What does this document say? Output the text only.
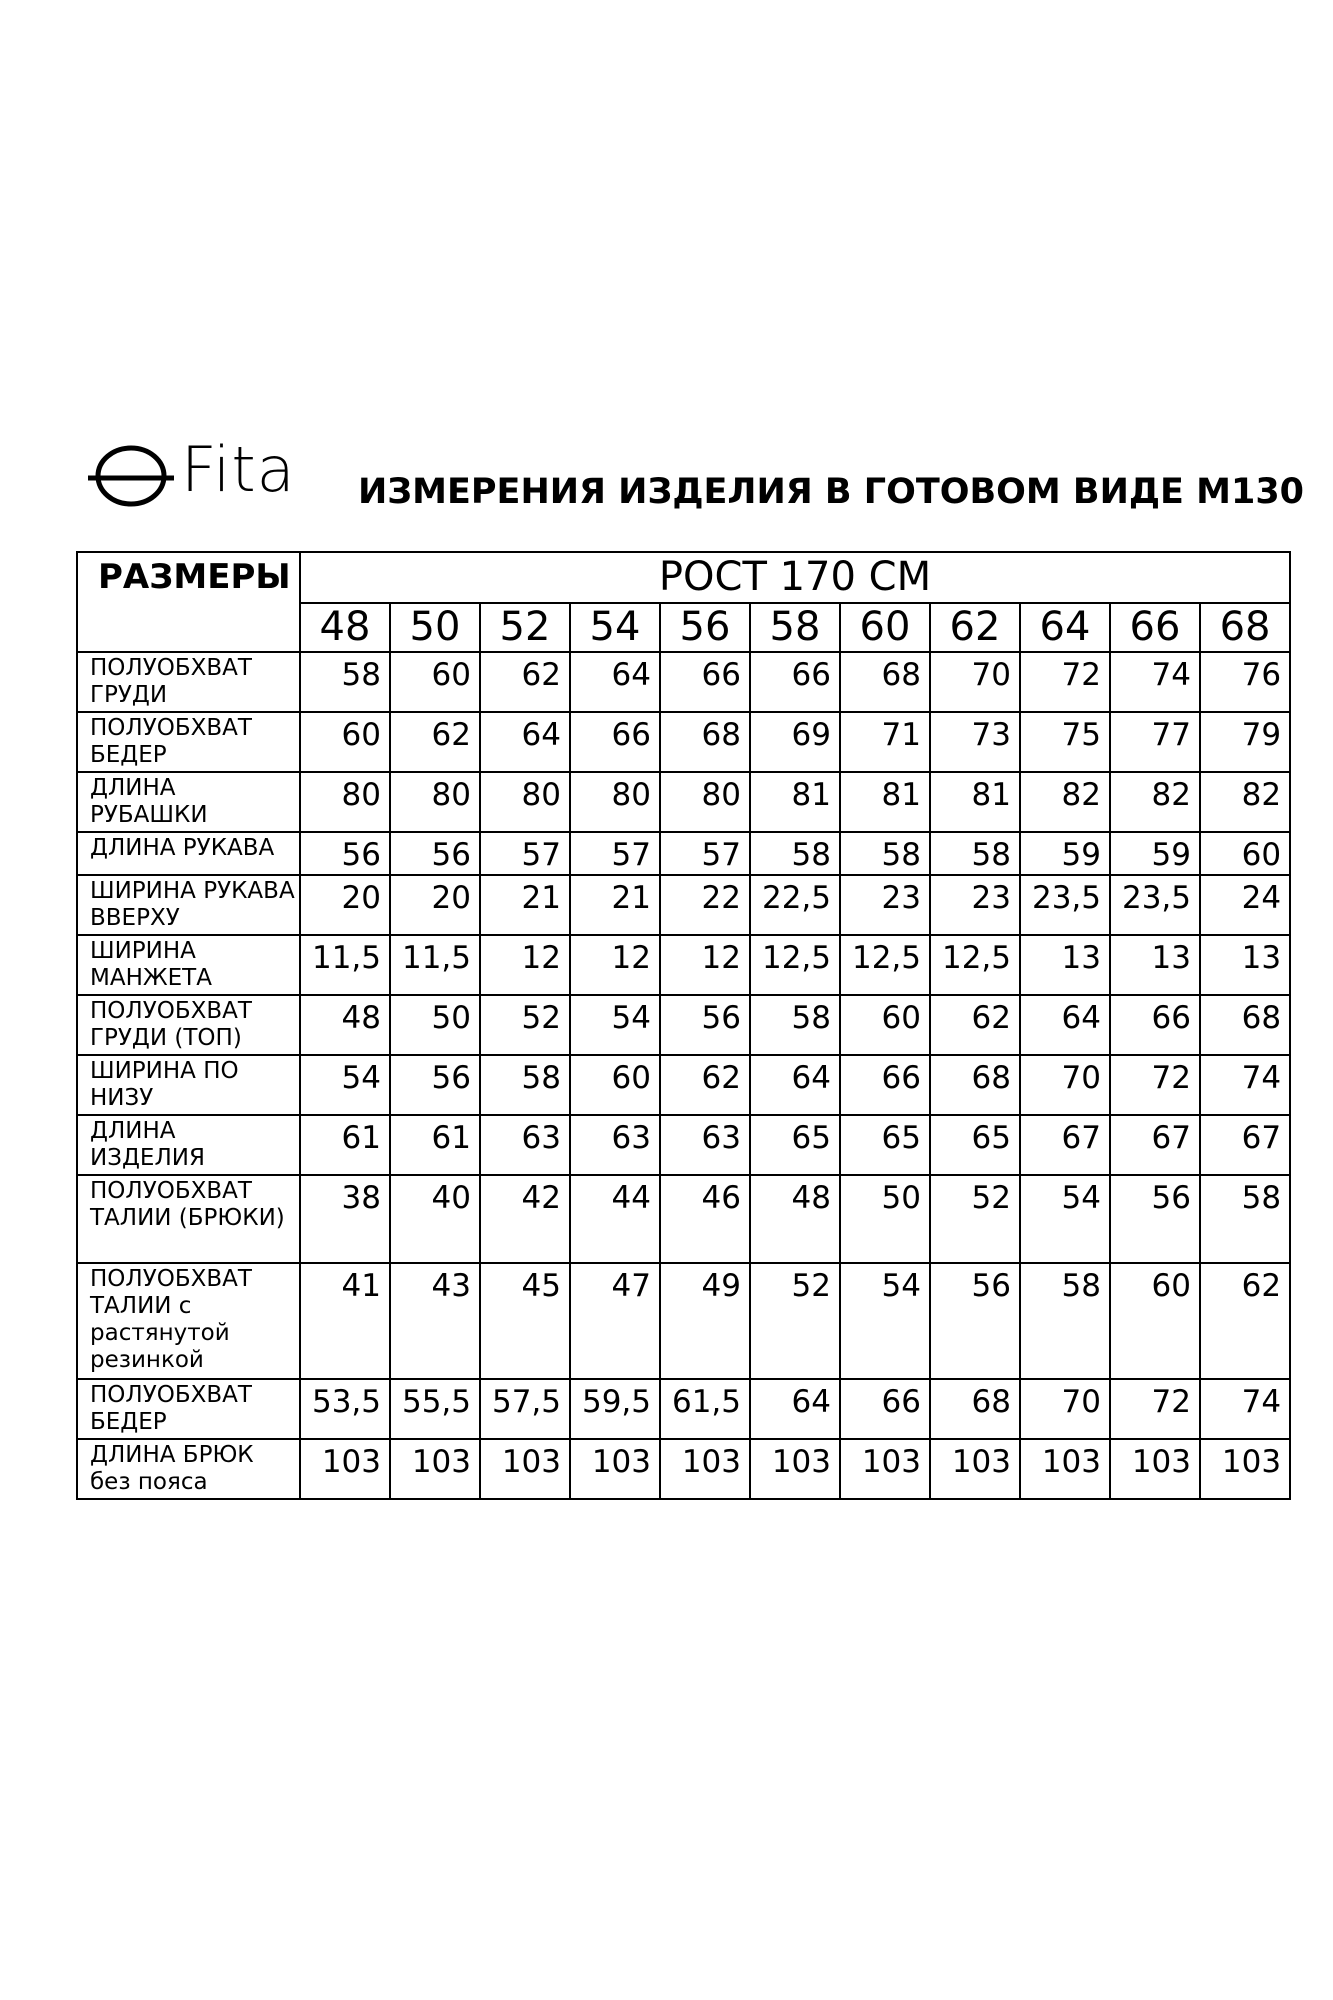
Fita ИЗМЕРЕНИЯ ИЗДЕЛИЯ В ГОТОВОМ ВИДЕ М130
РАЗМЕРЫ	РОСТ 170 СМ										
	48	50	52	54	56	58	60	62	64	66	68
ПОЛУОБХВАТ ГРУДИ	58	60	62	64	66	66	68	70	72	74	76
ПОЛУОБХВАТ БЕДЕР	60	62	64	66	68	69	71	73	75	77	79
ДЛИНА РУБАШКИ	80	80	80	80	80	81	81	81	82	82	82
ДЛИНА РУКАВА	56	56	57	57	57	58	58	58	59	59	60
ШИРИНА РУКАВА ВВЕРХУ	20	20	21	21	22	22,5	23	23	23,5	23,5	24
ШИРИНА МАНЖЕТА	11,5	11,5	12	12	12	12,5	12,5	12,5	13	13	13
ПОЛУОБХВАТ ГРУДИ (ТОП)	48	50	52	54	56	58	60	62	64	66	68
ШИРИНА ПО НИЗУ	54	56	58	60	62	64	66	68	70	72	74
ДЛИНА ИЗДЕЛИЯ	61	61	63	63	63	65	65	65	67	67	67
ПОЛУОБХВАТ ТАЛИИ (БРЮКИ)	38	40	42	44	46	48	50	52	54	56	58
ПОЛУОБХВАТ ТАЛИИ с растянутой резинкой	41	43	45	47	49	52	54	56	58	60	62
ПОЛУОБХВАТ БЕДЕР	53,5	55,5	57,5	59,5	61,5	64	66	68	70	72	74
ДЛИНА БРЮК без пояса	103	103	103	103	103	103	103	103	103	103	103
